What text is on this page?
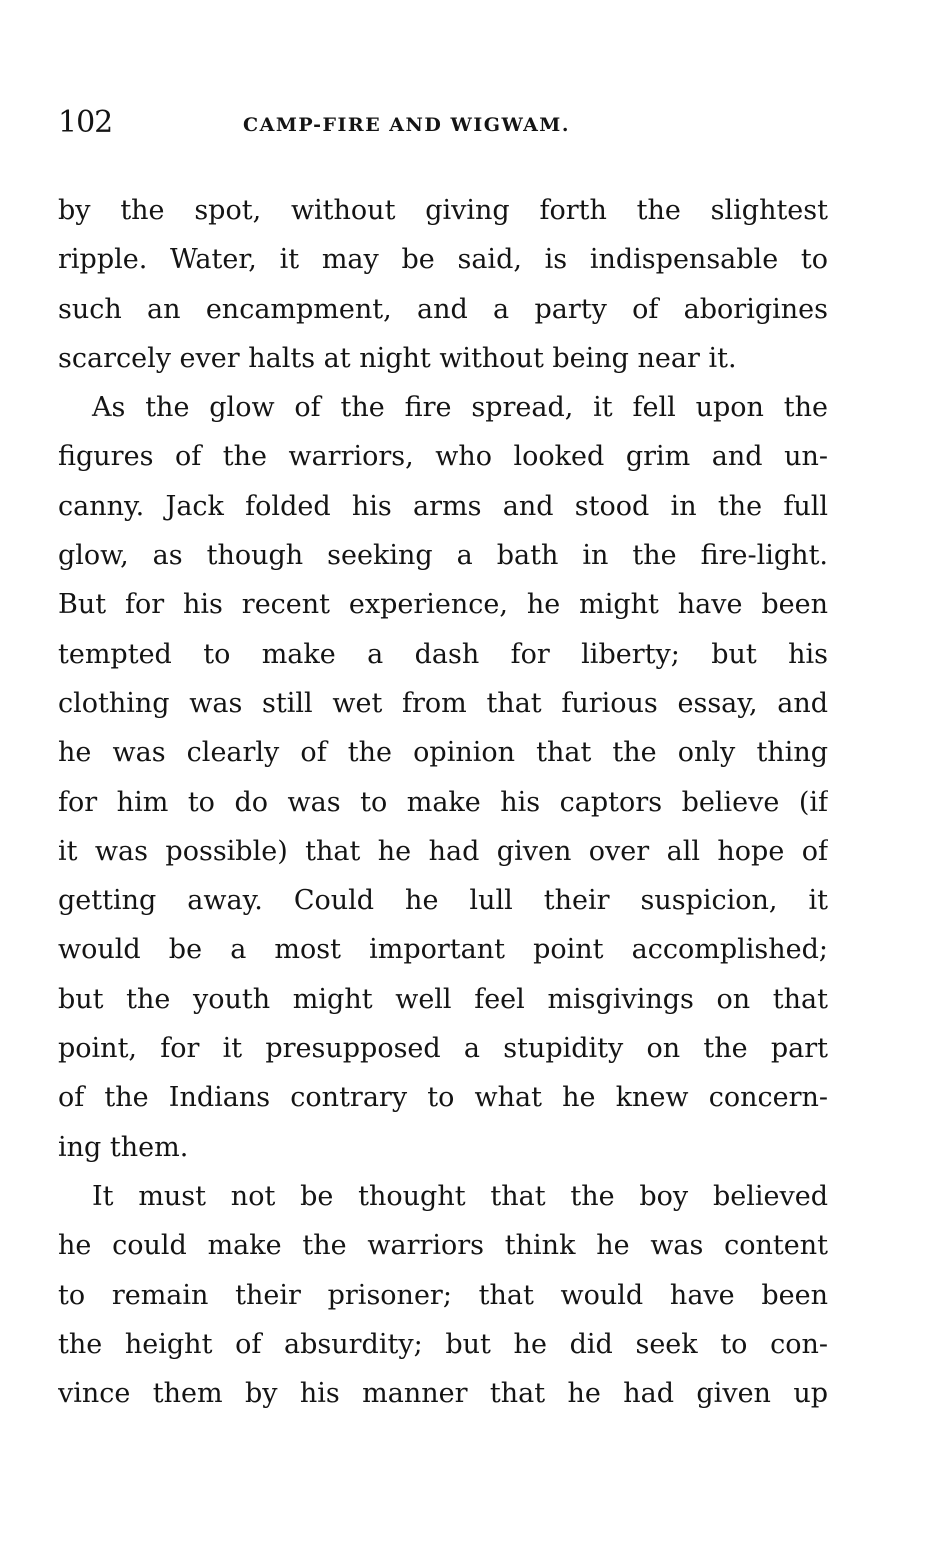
102	CAMP-FIRE AND WIGWAM.
by the spot, without giving forth the slightest
ripple. Water, it may be said, is indispensable to
such an encampment, and a party of aborigines
scarcely ever halts at night without being near it.
As the glow of the fire spread, it fell upon the
figures of the warriors, who looked grim and un-
canny. Jack folded his arms and stood in the full
glow, as though seeking a bath in the fire-light.
But for his recent experience, he might have been
tempted to make a dash for liberty; but his
clothing was still wet from that furious essay, and
he was clearly of the opinion that the only thing
for him to do was to make his captors believe (if
it was possible) that he had given over all hope of
getting away. Could he lull their suspicion, it
would be a most important point accomplished;
but the youth might well feel misgivings on that
point, for it presupposed a stupidity on the part
of the Indians contrary to what he knew concern-
ing them.
It must not be thought that the boy believed
he could make the warriors think he was content
to remain their prisoner; that would have been
the height of absurdity; but he did seek to con-
vince them by his manner that he had given up
